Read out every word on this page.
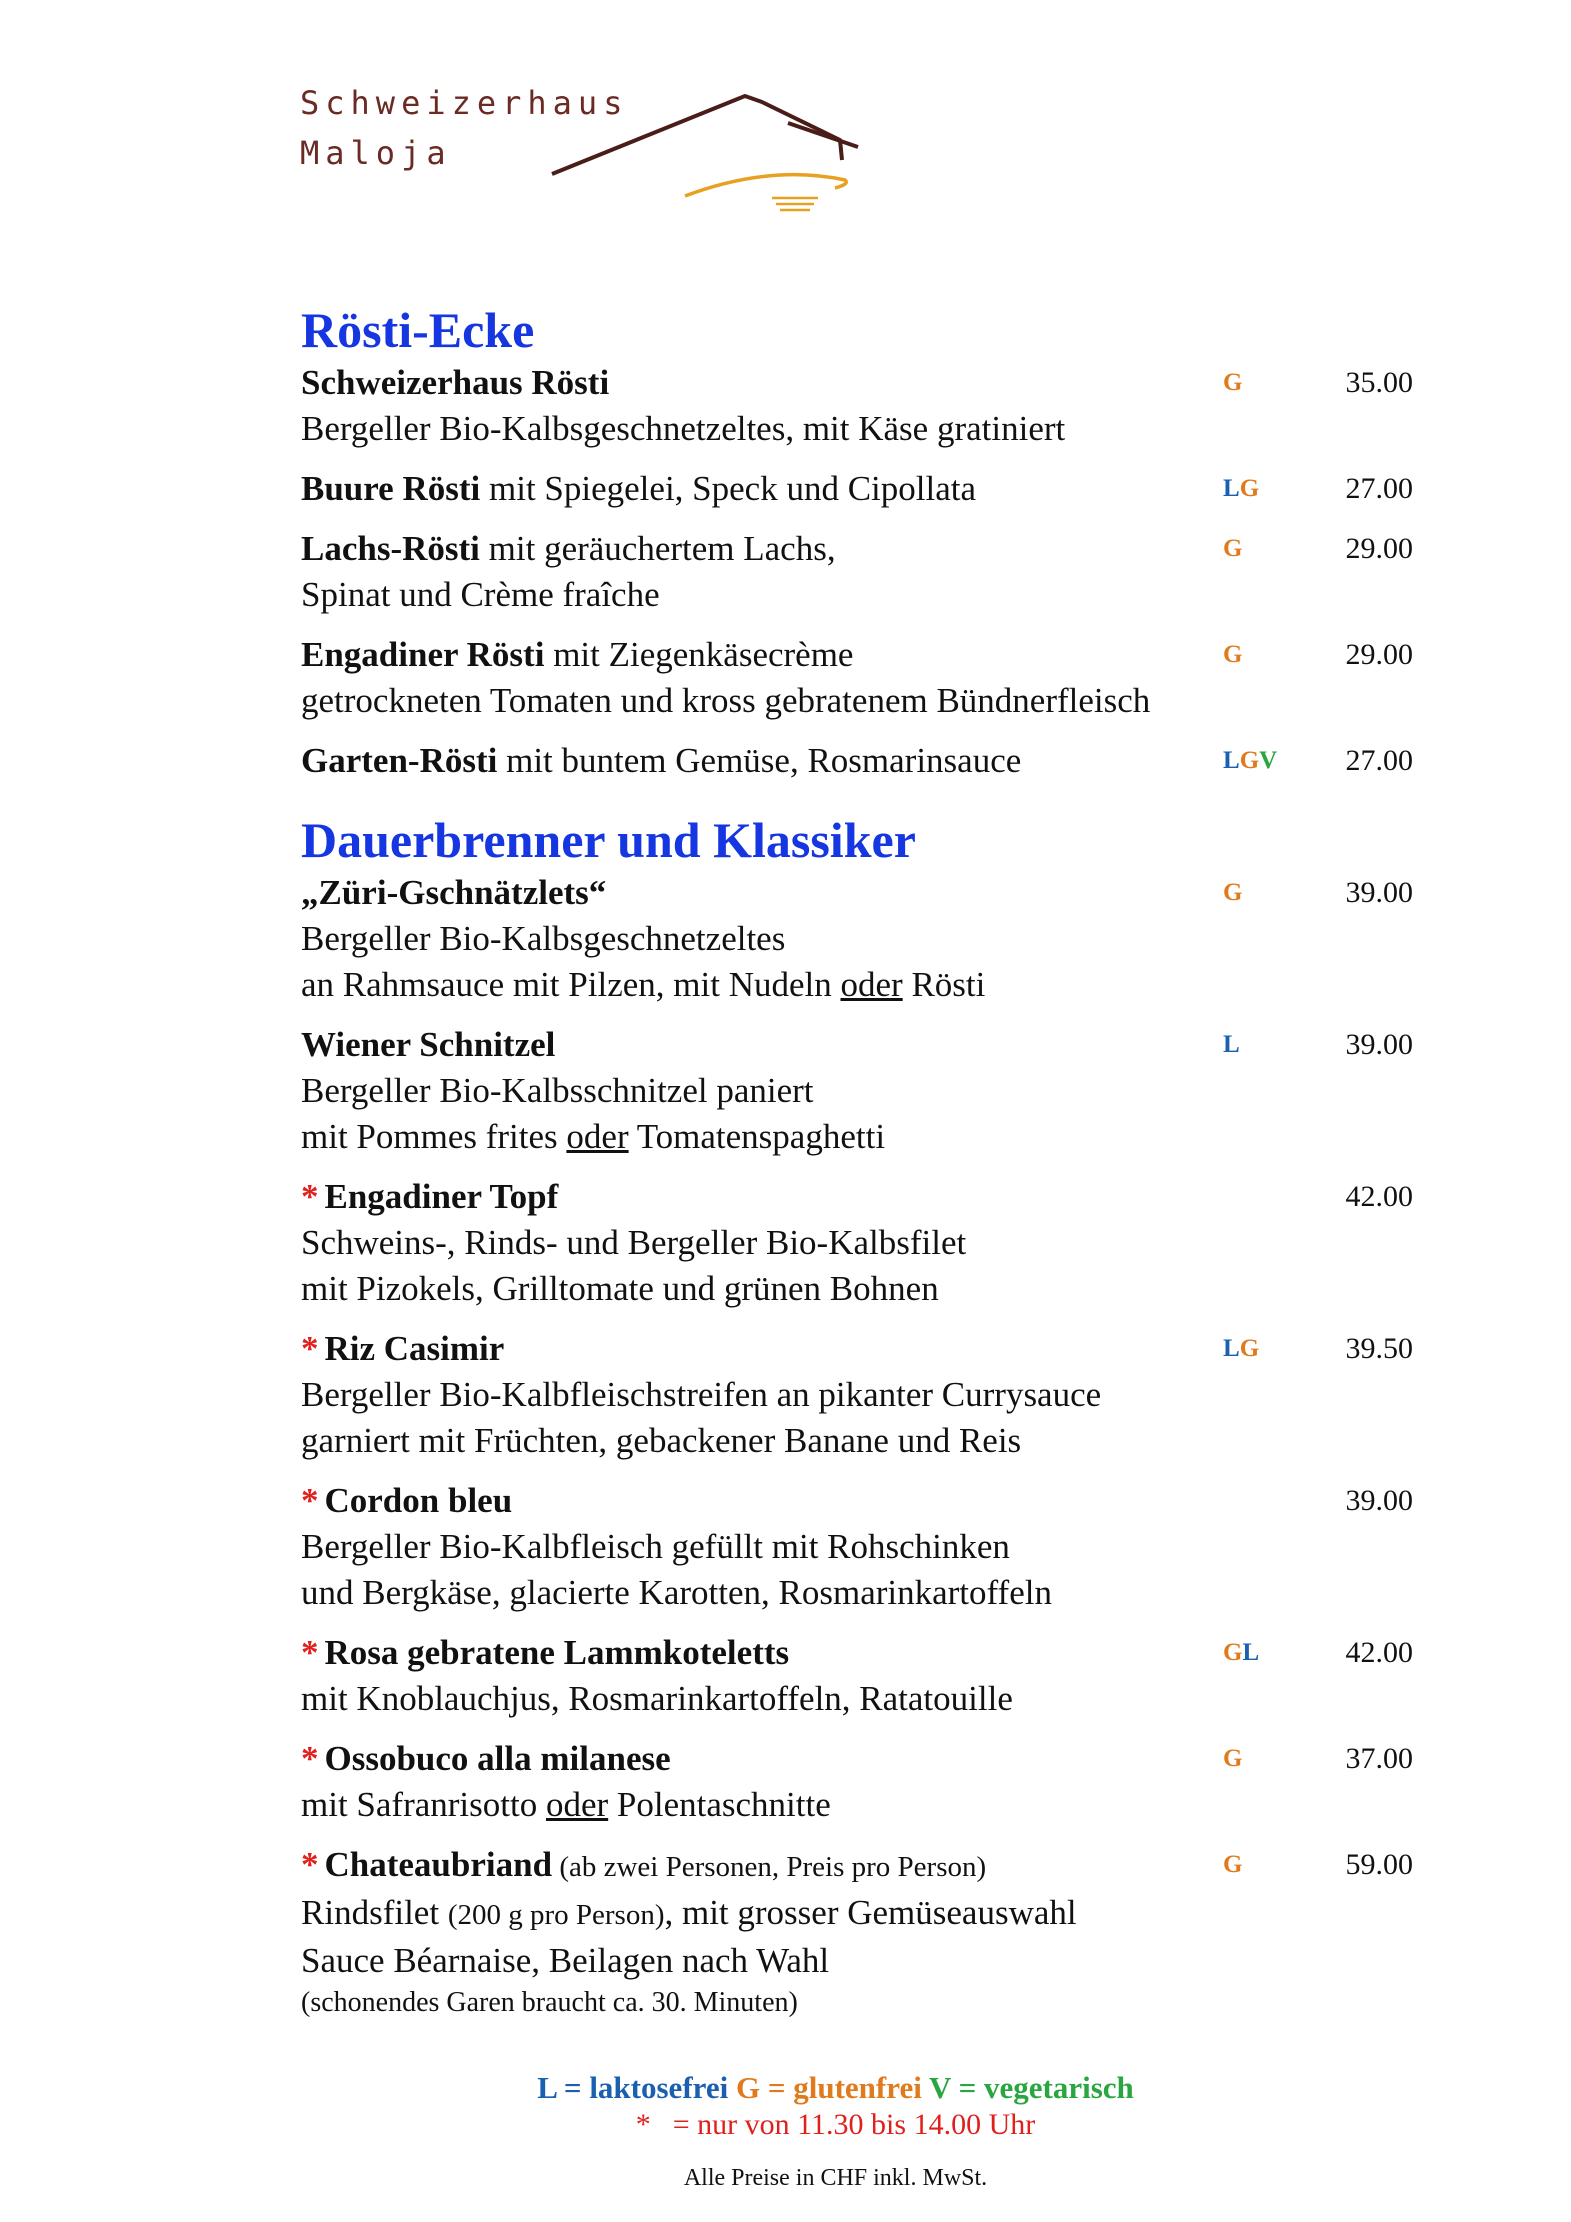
Schweizerhaus
Maloja
Rösti-Ecke
Schweizerhaus Rösti	G	35.00
Bergeller Bio-Kalbsgeschnetzeltes, mit Käse gratiniert
Buure Rösti mit Spiegelei, Speck und Cipollata	LG	27.00
Lachs-Rösti mit geräuchertem Lachs,	G	29.00
Spinat und Crème fraîche
Engadiner Rösti mit Ziegenkäsecrème	G	29.00
getrockneten Tomaten und kross gebratenem Bündnerfleisch
Garten-Rösti mit buntem Gemüse, Rosmarinsauce	LGV 27.00
Dauerbrenner und Klassiker
„Züri-Gschnätzlets“	G	39.00
Bergeller Bio-Kalbsgeschnetzeltes
an Rahmsauce mit Pilzen, mit Nudeln oder Rösti
Wiener Schnitzel	L	39.00
Bergeller Bio-Kalbsschnitzel paniert
mit Pommes frites oder Tomatenspaghetti
* Engadiner Topf	42.00
Schweins-, Rinds- und Bergeller Bio-Kalbsfilet
mit Pizokels, Grilltomate und grünen Bohnen
* Riz Casimir	LG	39.50
Bergeller Bio-Kalbfleischstreifen an pikanter Currysauce
garniert mit Früchten, gebackener Banane und Reis
* Cordon bleu	39.00
Bergeller Bio-Kalbfleisch gefüllt mit Rohschinken
und Bergkäse, glacierte Karotten, Rosmarinkartoffeln
* Rosa gebratene Lammkoteletts	GL	42.00
mit Knoblauchjus, Rosmarinkartoffeln, Ratatouille
* Ossobuco alla milanese	G	37.00
mit Safranrisotto oder Polentaschnitte
* Chateaubriand (ab zwei Personen, Preis pro Person)	G	59.00
Rindsfilet (200 g pro Person), mit grosser Gemüseauswahl
Sauce Béarnaise, Beilagen nach Wahl
(schonendes Garen braucht ca. 30. Minuten)
L = laktosefrei G = glutenfrei V = vegetarisch
* = nur von 11.30 bis 14.00 Uhr
Alle Preise in CHF inkl. MwSt.
